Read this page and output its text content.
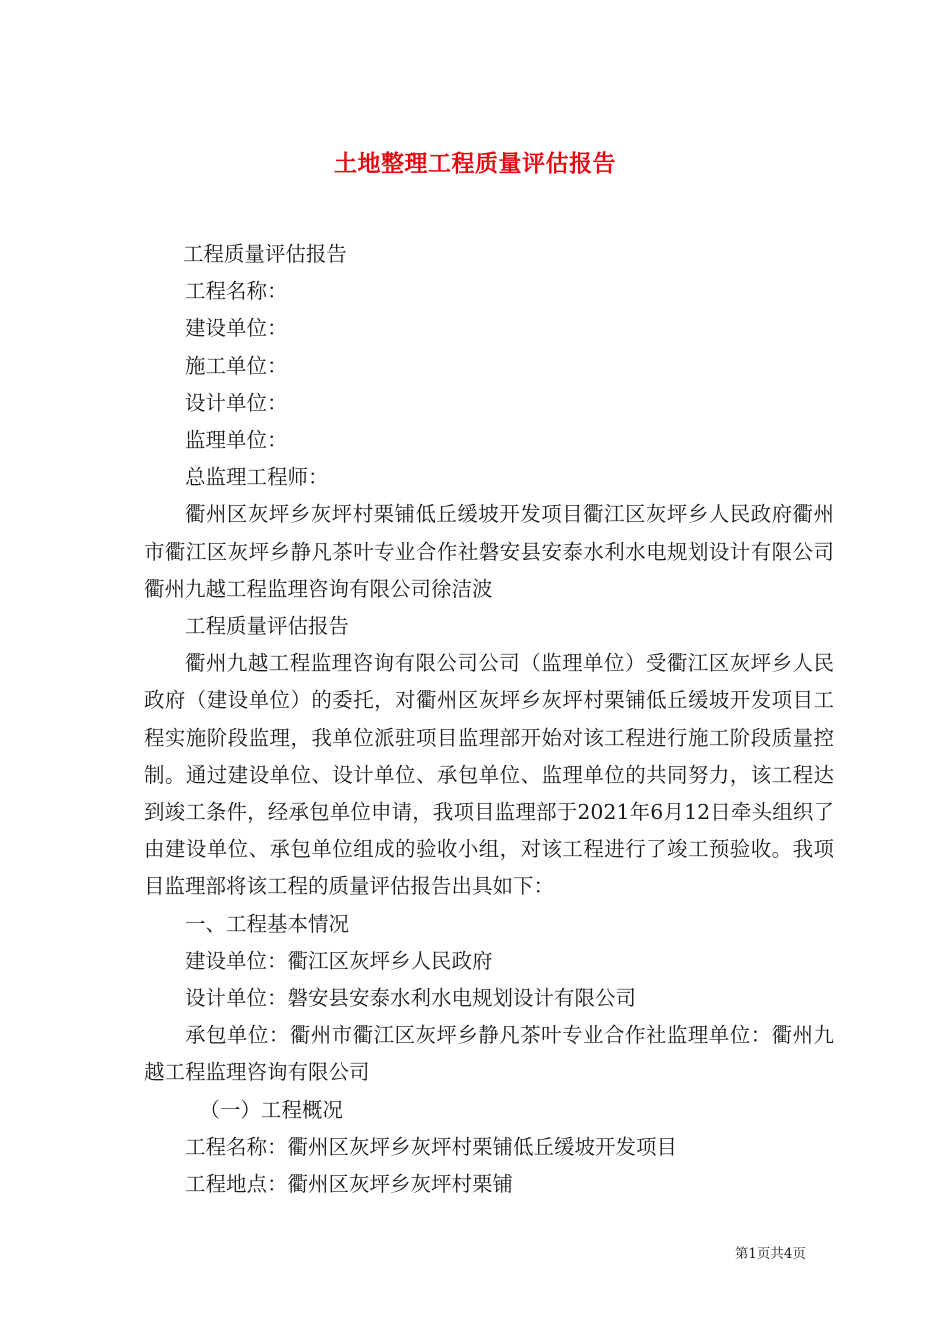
土地整理工程质量评估报告

工程质量评估报告

工程名称：

建设单位：

施工单位：

设计单位：

监理单位：

总监理工程师：

衢州区灰坪乡灰坪村栗铺低丘缓坡开发项目衢江区灰坪乡人民政府衢州市衢江区灰坪乡静凡茶叶专业合作社磐安县安泰水利水电规划设计有限公司衢州九越工程监理咨询有限公司徐洁波

工程质量评估报告

衢州九越工程监理咨询有限公司公司（监理单位）受衢江区灰坪乡人民政府（建设单位）的委托，对衢州区灰坪乡灰坪村栗铺低丘缓坡开发项目工程实施阶段监理，我单位派驻项目监理部开始对该工程进行施工阶段质量控制。通过建设单位、设计单位、承包单位、监理单位的共同努力，该工程达到竣工条件，经承包单位申请，我项目监理部于2021年6月12日牵头组织了由建设单位、承包单位组成的验收小组，对该工程进行了竣工预验收。我项目监理部将该工程的质量评估报告出具如下：

一、工程基本情况

建设单位：衢江区灰坪乡人民政府

设计单位：磐安县安泰水利水电规划设计有限公司

承包单位：衢州市衢江区灰坪乡静凡茶叶专业合作社监理单位：衢州九越工程监理咨询有限公司

（一）工程概况

工程名称：衢州区灰坪乡灰坪村栗铺低丘缓坡开发项目

工程地点：衢州区灰坪乡灰坪村栗铺

第1页共4页
